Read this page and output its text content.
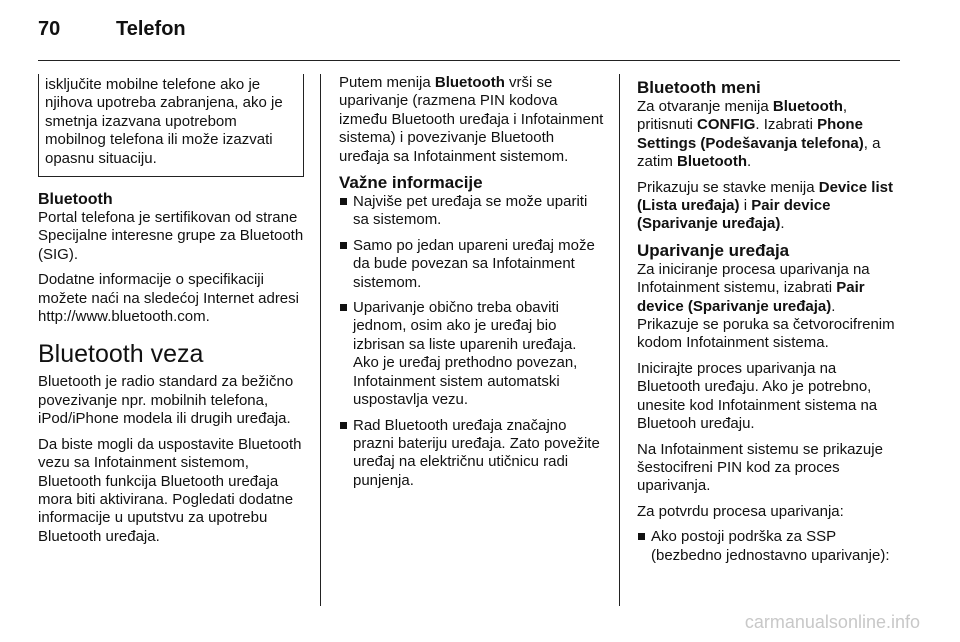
70	Telefon

isključite mobilne telefone ako je njihova upotreba zabranjena, ako je smetnja izazvana upotrebom mobilnog telefona ili može izazvati opasnu situaciju.

Bluetooth

Portal telefona je sertifikovan od strane Specijalne interesne grupe za Bluetooth (SIG).

Dodatne informacije o specifikaciji možete naći na sledećoj Internet adresi http://www.bluetooth.com.

Bluetooth veza

Bluetooth je radio standard za bežično povezivanje npr. mobilnih telefona, iPod/iPhone modela ili drugih uređaja.

Da biste mogli da uspostavite Bluetooth vezu sa Infotainment sistemom, Bluetooth funkcija Bluetooth uređaja mora biti aktivirana. Pogledati dodatne informacije u uputstvu za upotrebu Bluetooth uređaja.

Putem menija Bluetooth vrši se uparivanje (razmena PIN kodova između Bluetooth uređaja i Infotainment sistema) i povezivanje Bluetooth uređaja sa Infotainment sistemom.

Važne informacije
Najviše pet uređaja se može upariti sa sistemom.
Samo po jedan upareni uređaj može da bude povezan sa Infotainment sistemom.
Uparivanje obično treba obaviti jednom, osim ako je uređaj bio izbrisan sa liste uparenih uređaja. Ako je uređaj prethodno povezan, Infotainment sistem automatski uspostavlja vezu.
Rad Bluetooth uređaja značajno prazni bateriju uređaja. Zato povežite uređaj na električnu utičnicu radi punjenja.
Bluetooth meni

Za otvaranje menija Bluetooth, pritisnuti CONFIG. Izabrati Phone Settings (Podešavanja telefona), a zatim Bluetooth.

Prikazuju se stavke menija Device list (Lista uređaja) i Pair device (Sparivanje uređaja).

Uparivanje uređaja

Za iniciranje procesa uparivanja na Infotainment sistemu, izabrati Pair device (Sparivanje uređaja).
Prikazuje se poruka sa četvorocifrenim kodom Infotainment sistema.

Inicirajte proces uparivanja na Bluetooth uređaju. Ako je potrebno, unesite kod Infotainment sistema na Bluetooh uređaju.

Na Infotainment sistemu se prikazuje šestocifreni PIN kod za proces uparivanja.

Za potvrdu procesa uparivanja:

Ako postoji podrška za SSP (bezbedno jednostavno uparivanje):
carmanualsonline.info
